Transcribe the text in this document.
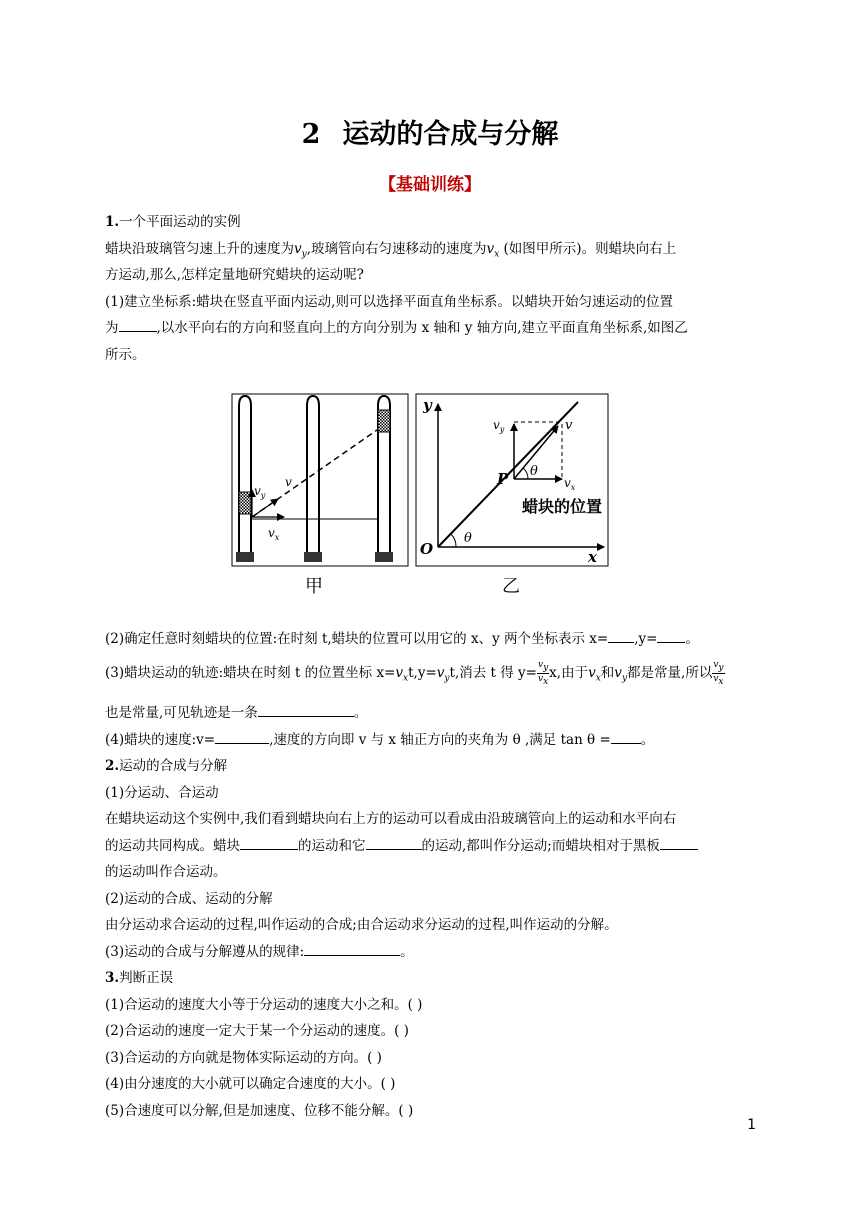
2 运动的合成与分解
【基础训练】
1.一个平面运动的实例
蜡块沿玻璃管匀速上升的速度为$v_y$,玻璃管向右匀速移动的速度为$v_x$ (如图甲所示)。则蜡块向右上
方运动,那么,怎样定量地研究蜡块的运动呢?
(1)建立坐标系:蜡块在竖直平面内运动,则可以选择平面直角坐标系。以蜡块开始匀速运动的位置
为	,以水平向右的方向和竖直向上的方向分别为 x 轴和 y 轴方向,建立平面直角坐标系,如图乙
所示。
(2)确定任意时刻蜡块的位置:在时刻 t,蜡块的位置可以用它的 x、y 两个坐标表示 x= ,y= 。
(3)蜡块运动的轨迹:蜡块在时刻 t 的位置坐标 $x=v_xt,y=v_yt$,消去 t 得 $y= \frac{v_y}{v_x} x$,由于$v_x$和$v_y$都是常量,所以 $\frac{v_y}{v_x}$
也是常量,可见轨迹是一条	。
(4)蜡块的速度:v=	,速度的方向即 v 与 x 轴正方向的夹角为 θ ,满足 tan θ = 。
2.运动的合成与分解
(1)分运动、合运动
在蜡块运动这个实例中,我们看到蜡块向右上方的运动可以看成由沿玻璃管向上的运动和水平向右
的运动共同构成。蜡块	的运动和它	的运动,都叫作分运动;而蜡块相对于黑板
的运动叫作合运动。
(2)运动的合成、运动的分解
由分运动求合运动的过程,叫作运动的合成;由合运动求分运动的过程,叫作运动的分解。
(3)运动的合成与分解遵从的规律:	。
3.判断正误
(1)合运动的速度大小等于分运动的速度大小之和。( )
(2)合运动的速度一定大于某一个分运动的速度。( )
(3)合运动的方向就是物体实际运动的方向。( )
(4)由分速度的大小就可以确定合速度的大小。( )
(5)合速度可以分解,但是加速度、位移不能分解。( )
$v_y$
v
$v_x$
甲
y
x
O
θ
θ
P
$v_y$	v
$v_x$
蜡块的位置
乙
1
